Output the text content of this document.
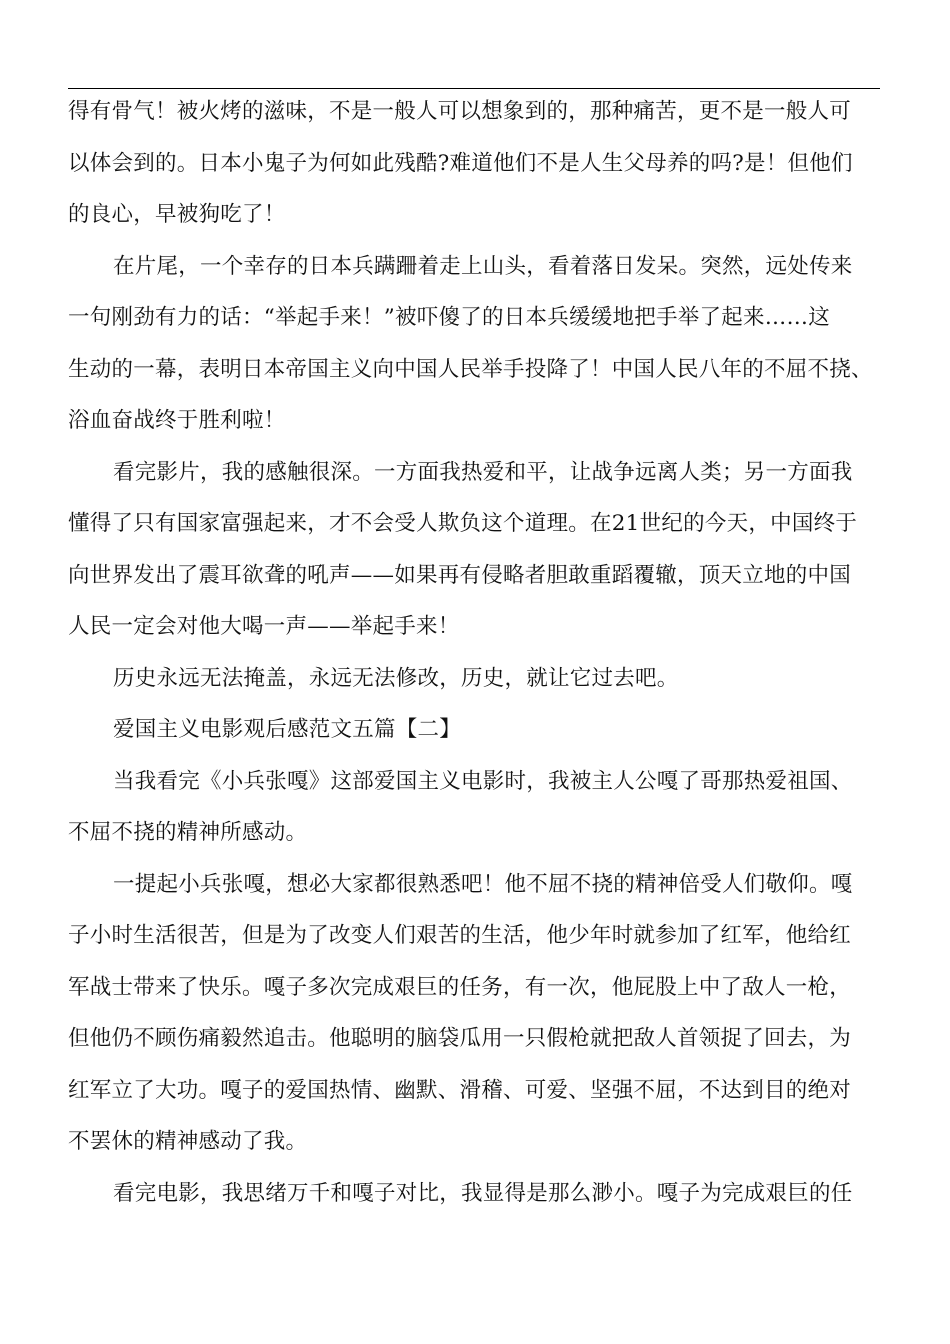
得有骨气！被火烤的滋味，不是一般人可以想象到的，那种痛苦，更不是一般人可
以体会到的。日本小鬼子为何如此残酷?难道他们不是人生父母养的吗?是！但他们
的良心，早被狗吃了！
在片尾，一个幸存的日本兵蹒跚着走上山头，看着落日发呆。突然，远处传来
一句刚劲有力的话：“举起手来！”被吓傻了的日本兵缓缓地把手举了起来……这
生动的一幕，表明日本帝国主义向中国人民举手投降了！中国人民八年的不屈不挠、
浴血奋战终于胜利啦！
看完影片，我的感触很深。一方面我热爱和平，让战争远离人类；另一方面我
懂得了只有国家富强起来，才不会受人欺负这个道理。在21世纪的今天，中国终于
向世界发出了震耳欲聋的吼声——如果再有侵略者胆敢重蹈覆辙，顶天立地的中国
人民一定会对他大喝一声——举起手来！
历史永远无法掩盖，永远无法修改，历史，就让它过去吧。
爱国主义电影观后感范文五篇【二】
当我看完《小兵张嘎》这部爱国主义电影时，我被主人公嘎了哥那热爱祖国、
不屈不挠的精神所感动。
一提起小兵张嘎，想必大家都很熟悉吧！他不屈不挠的精神倍受人们敬仰。嘎
子小时生活很苦，但是为了改变人们艰苦的生活，他少年时就参加了红军，他给红
军战士带来了快乐。嘎子多次完成艰巨的任务，有一次，他屁股上中了敌人一枪，
但他仍不顾伤痛毅然追击。他聪明的脑袋瓜用一只假枪就把敌人首领捉了回去，为
红军立了大功。嘎子的爱国热情、幽默、滑稽、可爱、坚强不屈，不达到目的绝对
不罢休的精神感动了我。
看完电影，我思绪万千和嘎子对比，我显得是那么渺小。嘎子为完成艰巨的任
